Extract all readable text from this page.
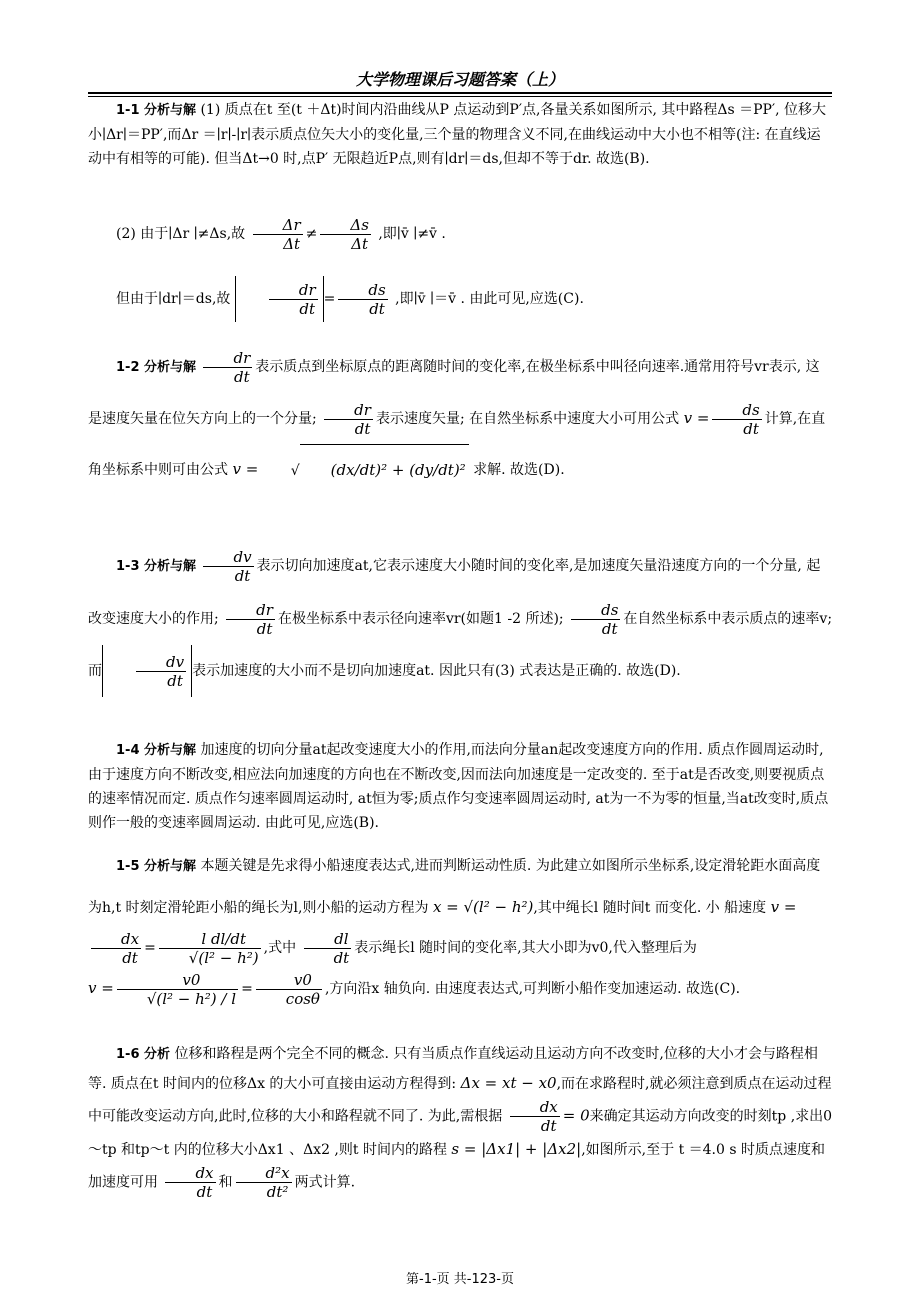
大学物理课后习题答案（上）

1-1 分析与解 (1) 质点在t 至(t ＋Δt)时间内沿曲线从P 点运动到P′点,各量关系如图所示, 其中路程Δs ＝PP′, 位移大小∣Δr∣＝PP′,而Δr ＝∣r∣-∣r∣表示质点位矢大小的变化量,三个量的物理含义不同,在曲线运动中大小也不相等(注: 在直线运动中有相等的可能). 但当Δt→0 时,点P′ 无限趋近P点,则有∣dr∣＝ds,但却不等于dr. 故选(B).

(2) 由于∣Δr ∣≠Δs,故 $\frac{\Delta r}{\Delta t} \ne \frac{\Delta s}{\Delta t}$ ,即∣v̄ ∣≠v̄ .

但由于∣dr∣＝ds,故	$\frac{dr}{dt} = \frac{ds}{dt}$ ,即∣v̄ ∣＝v̄ . 由此可见,应选(C).

1-2 分析与解 $\frac{dr}{dt}$ 表示质点到坐标原点的距离随时间的变化率,在极坐标系中叫径向速率.通常用符号vr表示, 这是速度矢量在位矢方向上的一个分量; $\frac{dr}{dt}$ 表示速度矢量; 在自然坐标系中速度大小可用公式 $v = \frac{ds}{dt}$ 计算,在直 角坐标系中则可由公式 v = √ (dx/dt)² + (dy/dt)² 求解. 故选(D).

1-3 分析与解 $\frac{dv}{dt}$ 表示切向加速度at,它表示速度大小随时间的变化率,是加速度矢量沿速度方向的一个分量, 起改变速度大小的作用; $\frac{dr}{dt}$ 在极坐标系中表示径向速率vr(如题1 -2 所述); $\frac{ds}{dt}$ 在自然坐标系中表示质点的速率v; 而 $\frac{dv}{dt}$ 表示加速度的大小而不是切向加速度at. 因此只有(3) 式表达是正确的. 故选(D).

1-4 分析与解 加速度的切向分量at起改变速度大小的作用,而法向分量an起改变速度方向的作用. 质点作圆周运动时,由于速度方向不断改变,相应法向加速度的方向也在不断改变,因而法向加速度是一定改变的. 至于at是否改变,则要视质点的速率情况而定. 质点作匀速率圆周运动时, at恒为零;质点作匀变速率圆周运动时, at为一不为零的恒量,当at改变时,质点则作一般的变速率圆周运动. 由此可见,应选(B).

1-5 分析与解 本题关键是先求得小船速度表达式,进而判断运动性质. 为此建立如图所示坐标系,设定滑轮距水面高度为h,t 时刻定滑轮距小船的绳长为l,则小船的运动方程为 x = √(l² − h²),其中绳长l 随时间t 而变化. 小 船速度 v =
$\frac{dx}{dt} = \frac{\text{l dl/dt}}{\text{√(l² − h²)}}$ ,式中 $\frac{dl}{dt}$ 表示绳长l 随时间的变化率,其大小即为v0,代入整理后为
$v = \frac{v0}{\text{√(l² − h²) / l}} = \frac{v0}{\cos\theta}$ ,方向沿x 轴负向. 由速度表达式,可判断小船作变加速运动. 故选(C).

1-6 分析 位移和路程是两个完全不同的概念. 只有当质点作直线运动且运动方向不改变时,位移的大小才会与路程相等. 质点在t 时间内的位移Δx 的大小可直接由运动方程得到: Δx = xt − x0,而在求路程时,就必须注意到质点在运动过程中可能改变运动方向,此时,位移的大小和路程就不同了. 为此,需根据 $\frac{dx}{dt} = 0$来确定其运动方向改变的时刻tp ,求出0～tp 和tp～t 内的位移大小Δx1 、Δx2 ,则t 时间内的路程 s = |Δx1| + |Δx2|,如图所示,至于 t ＝4.0 s 时质点速度和加速度可用 $\frac{dx}{dt}$ 和 $\frac{\text{d²x}}{\text{dt²}}$ 两式计算.

第-1-页 共-123-页
